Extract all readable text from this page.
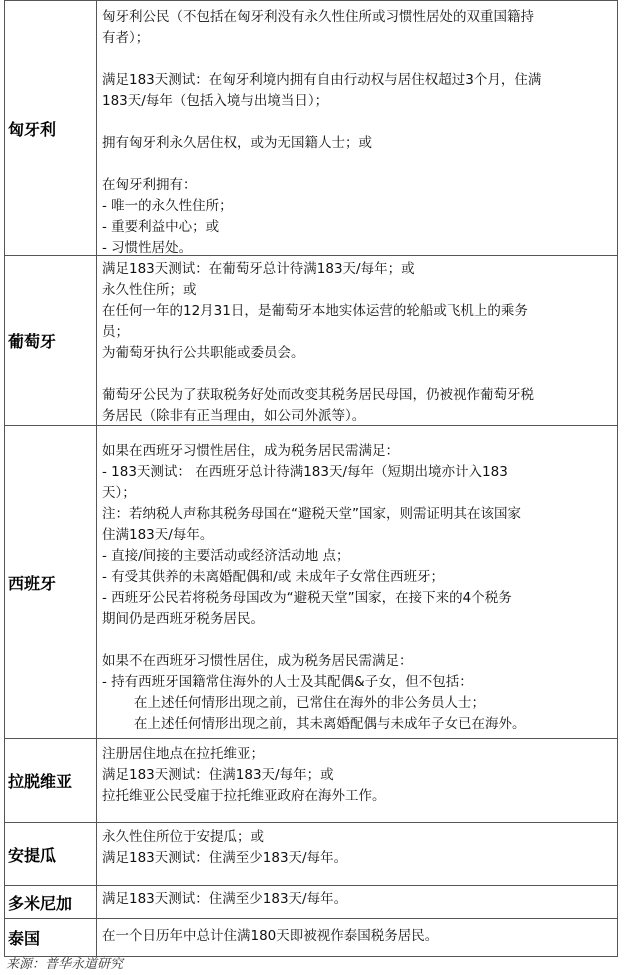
匈牙利

匈牙利公民（不包括在匈牙利没有永久性住所或习惯性居处的双重国籍持

有者）；

满足183天测试：在匈牙利境内拥有自由行动权与居住权超过3个月，住满

183天/每年（包括入境与出境当日）；

拥有匈牙利永久居住权，或为无国籍人士；或

在匈牙利拥有：

- 唯一的永久性住所；

- 重要利益中心；或

- 习惯性居处。

葡萄牙

满足183天测试：在葡萄牙总计待满183天/每年；或

永久性住所；或

在任何一年的12月31日，是葡萄牙本地实体运营的轮船或飞机上的乘务

员；

为葡萄牙执行公共职能或委员会。

葡萄牙公民为了获取税务好处而改变其税务居民母国，仍被视作葡萄牙税

务居民（除非有正当理由，如公司外派等）。

西班牙

如果在西班牙习惯性居住，成为税务居民需满足：

- 183天测试： 在西班牙总计待满183天/每年（短期出境亦计入183

天）；

注：若纳税人声称其税务母国在“避税天堂”国家，则需证明其在该国家

住满183天/每年。

- 直接/间接的主要活动或经济活动地 点；

- 有受其供养的未离婚配偶和/或 未成年子女常住西班牙；

- 西班牙公民若将税务母国改为“避税天堂”国家，在接下来的4个税务

期间仍是西班牙税务居民。

如果不在西班牙习惯性居住，成为税务居民需满足：

- 持有西班牙国籍常住海外的人士及其配偶&子女，但不包括：

在上述任何情形出现之前，已常住在海外的非公务员人士；

在上述任何情形出现之前，其未离婚配偶与未成年子女已在海外。

拉脱维亚

注册居住地点在拉托维亚；

满足183天测试：住满183天/每年；或

拉托维亚公民受雇于拉托维亚政府在海外工作。

安提瓜

永久性住所位于安提瓜；或

满足183天测试：住满至少183天/每年。

多米尼加	满足183天测试：住满至少183天/每年。

泰国	在一个日历年中总计住满180天即被视作泰国税务居民。

来源：普华永道研究
